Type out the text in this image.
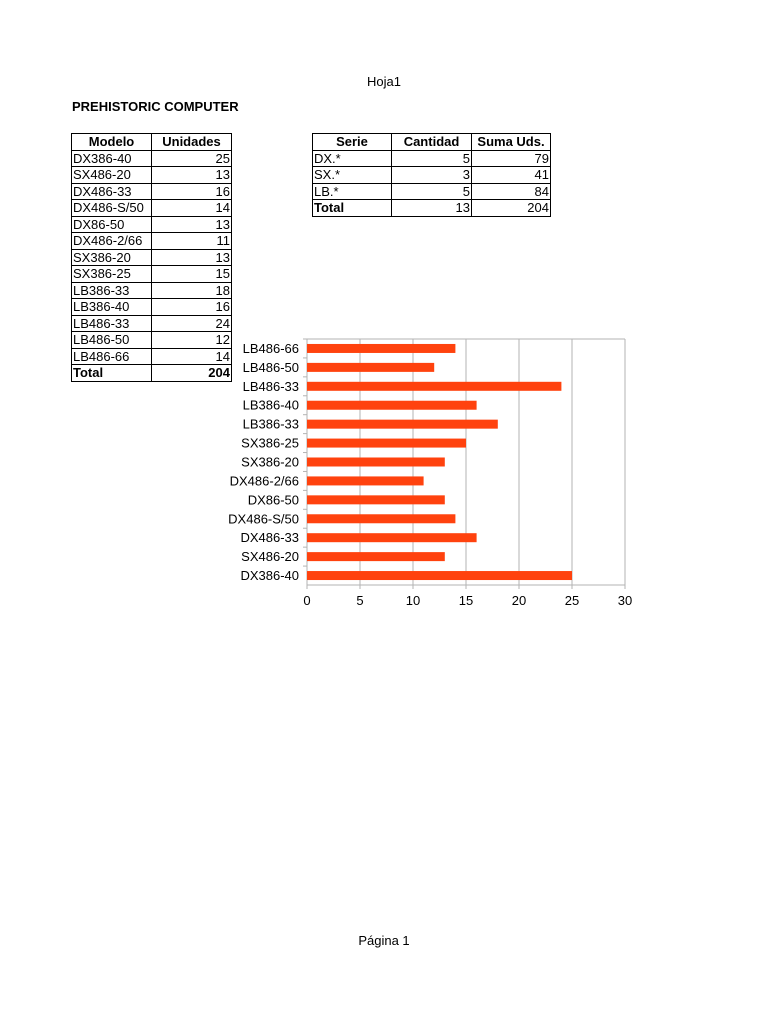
Hoja1
PREHISTORIC COMPUTER
Modelo	Unidades
DX386-40	25
SX486-20	13
DX486-33	16
DX486-S/50	14
DX86-50	13
DX486-2/66	11
SX386-20	13
SX386-25	15
LB386-33	18
LB386-40	16
LB486-33	24
LB486-50	12
LB486-66	14
Total	204
Serie	Cantidad	Suma Uds.
DX.*	5	79
SX.*	3	41
LB.*	5	84
Total	13	204
0	5	10	15	20	25	30
LB486-66
LB486-50
LB486-33
LB386-40
LB386-33
SX386-25
SX386-20
DX486-2/66
DX86-50
DX486-S/50
DX486-33
SX486-20
DX386-40
Página 1
